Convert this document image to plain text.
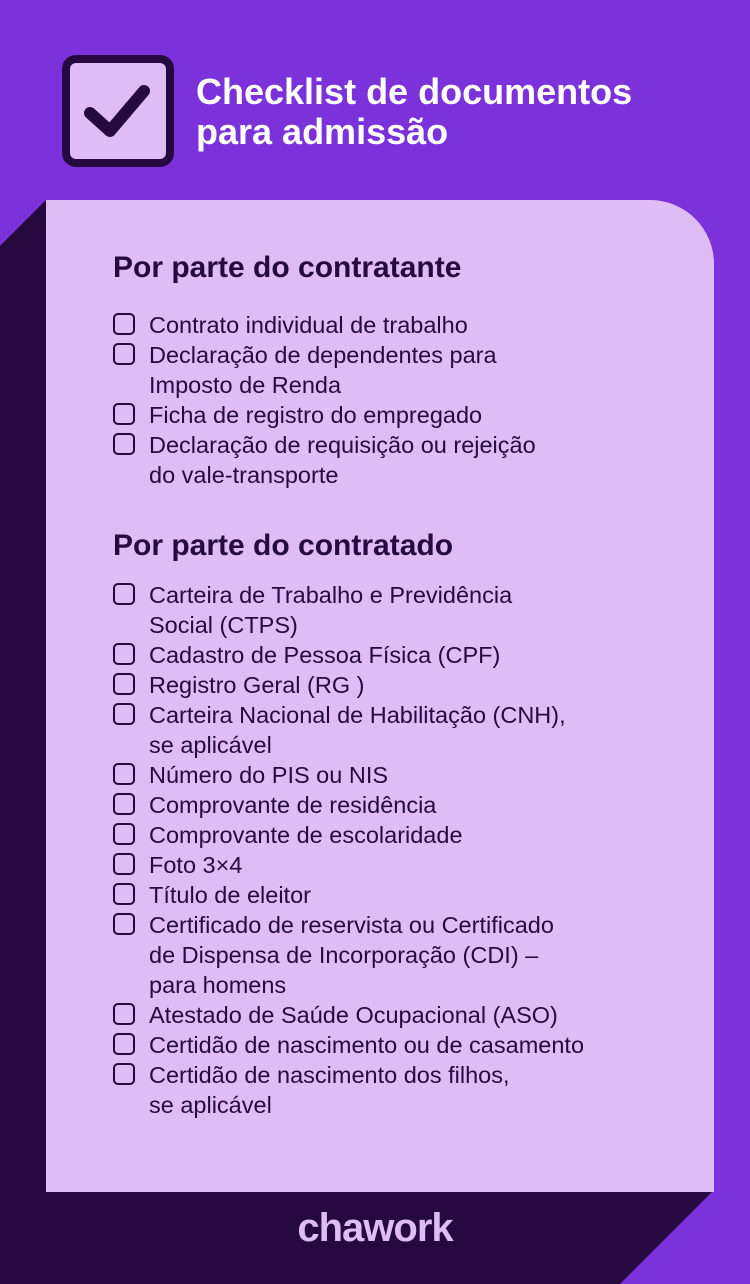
Checklist de documentos
para admissão
Por parte do contratante
Contrato individual de trabalho
Declaração de dependentes para
Imposto de Renda
Ficha de registro do empregado
Declaração de requisição ou rejeição
do vale-transporte
Por parte do contratado
Carteira de Trabalho e Previdência
Social (CTPS)
Cadastro de Pessoa Física (CPF)
Registro Geral (RG )
Carteira Nacional de Habilitação (CNH),
se aplicável
Número do PIS ou NIS
Comprovante de residência
Comprovante de escolaridade
Foto 3×4
Título de eleitor
Certificado de reservista ou Certificado
de Dispensa de Incorporação (CDI) –
para homens
Atestado de Saúde Ocupacional (ASO)
Certidão de nascimento ou de casamento
Certidão de nascimento dos filhos,
se aplicável
chawork
